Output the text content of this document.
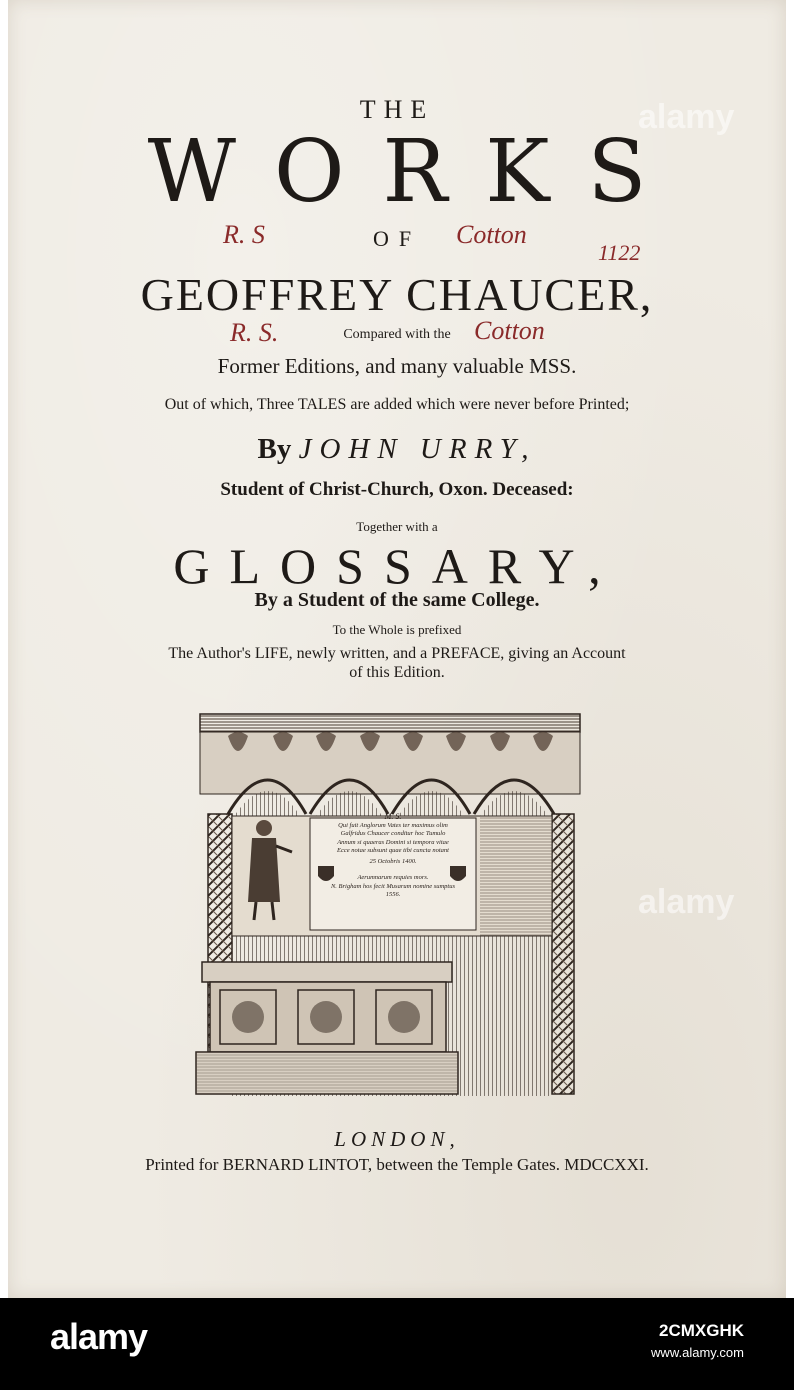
THE
WORKS
OF
GEOFFREY CHAUCER,
Compared with the
Former Editions, and many valuable MSS.
Out of which, Three TALES are added which were never before Printed;
By JOHN URRY,
Student of Christ-Church, Oxon. Deceased:
Together with a
GLOSSARY,
By a Student of the same College.
To the Whole is prefixed
The Author's LIFE, newly written, and a PREFACE, giving an Account
of this Edition.
R. S	Cotton
1122
R. S.	Cotton
M. S.
Qui fuit Anglorum Vates ter maximus olim
Galfridus Chaucer conditur hoc Tumulo
Annum si quaeras Domini si tempora vitae
Ecce notae subsunt quae tibi cuncta notant
25 Octobris 1400.
Aerumnarum requies mors.
N. Brigham hos fecit Musarum nomine sumptus
1556.
LONDON,
Printed for BERNARD LINTOT, between the Temple Gates. MDCCXXI.
alamy
alamy
alamy	2CMXGHK
www.alamy.com
